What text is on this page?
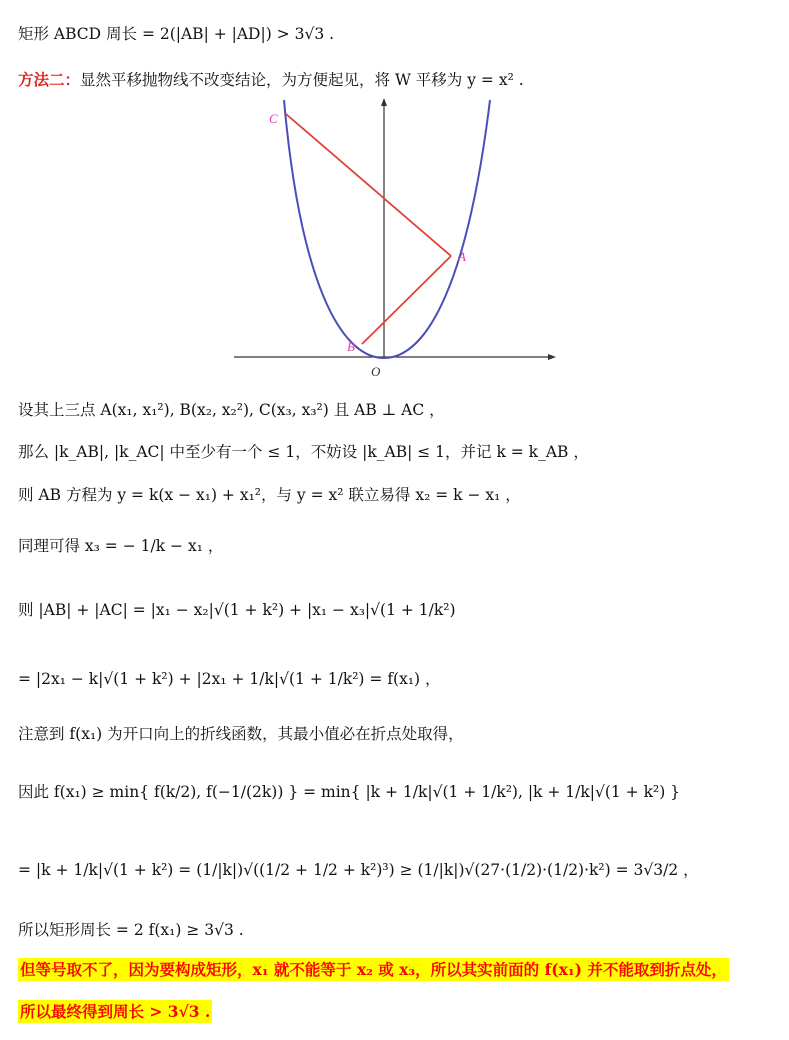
矩形 ABCD 周长 = 2(|AB| + |AD|) > 3√3 .
方法二：显然平移抛物线不改变结论，为方便起见，将 W 平移为 y = x² .
C
A
B
O
设其上三点 A(x₁, x₁²), B(x₂, x₂²), C(x₃, x₃²) 且 AB ⊥ AC ，
那么 |k_AB|, |k_AC| 中至少有一个 ≤ 1，不妨设 |k_AB| ≤ 1，并记 k = k_AB ，
则 AB 方程为 y = k(x − x₁) + x₁²，与 y = x² 联立易得 x₂ = k − x₁ ，
同理可得 x₃ = − 1/k − x₁ ，
则 |AB| + |AC| = |x₁ − x₂|√(1 + k²) + |x₁ − x₃|√(1 + 1/k²)
= |2x₁ − k|√(1 + k²) + |2x₁ + 1/k|√(1 + 1/k²) = f(x₁) ，
注意到 f(x₁) 为开口向上的折线函数，其最小值必在折点处取得，
因此 f(x₁) ≥ min{ f(k/2), f(−1/(2k)) } = min{ |k + 1/k|√(1 + 1/k²), |k + 1/k|√(1 + k²) }
= |k + 1/k|√(1 + k²) = (1/|k|)√((1/2 + 1/2 + k²)³) ≥ (1/|k|)√(27·(1/2)·(1/2)·k²) = 3√3/2 ，
所以矩形周长 = 2 f(x₁) ≥ 3√3 .
但等号取不了，因为要构成矩形，x₁ 就不能等于 x₂ 或 x₃，所以其实前面的 f(x₁) 并不能取到折点处，
所以最终得到周长 > 3√3 .
